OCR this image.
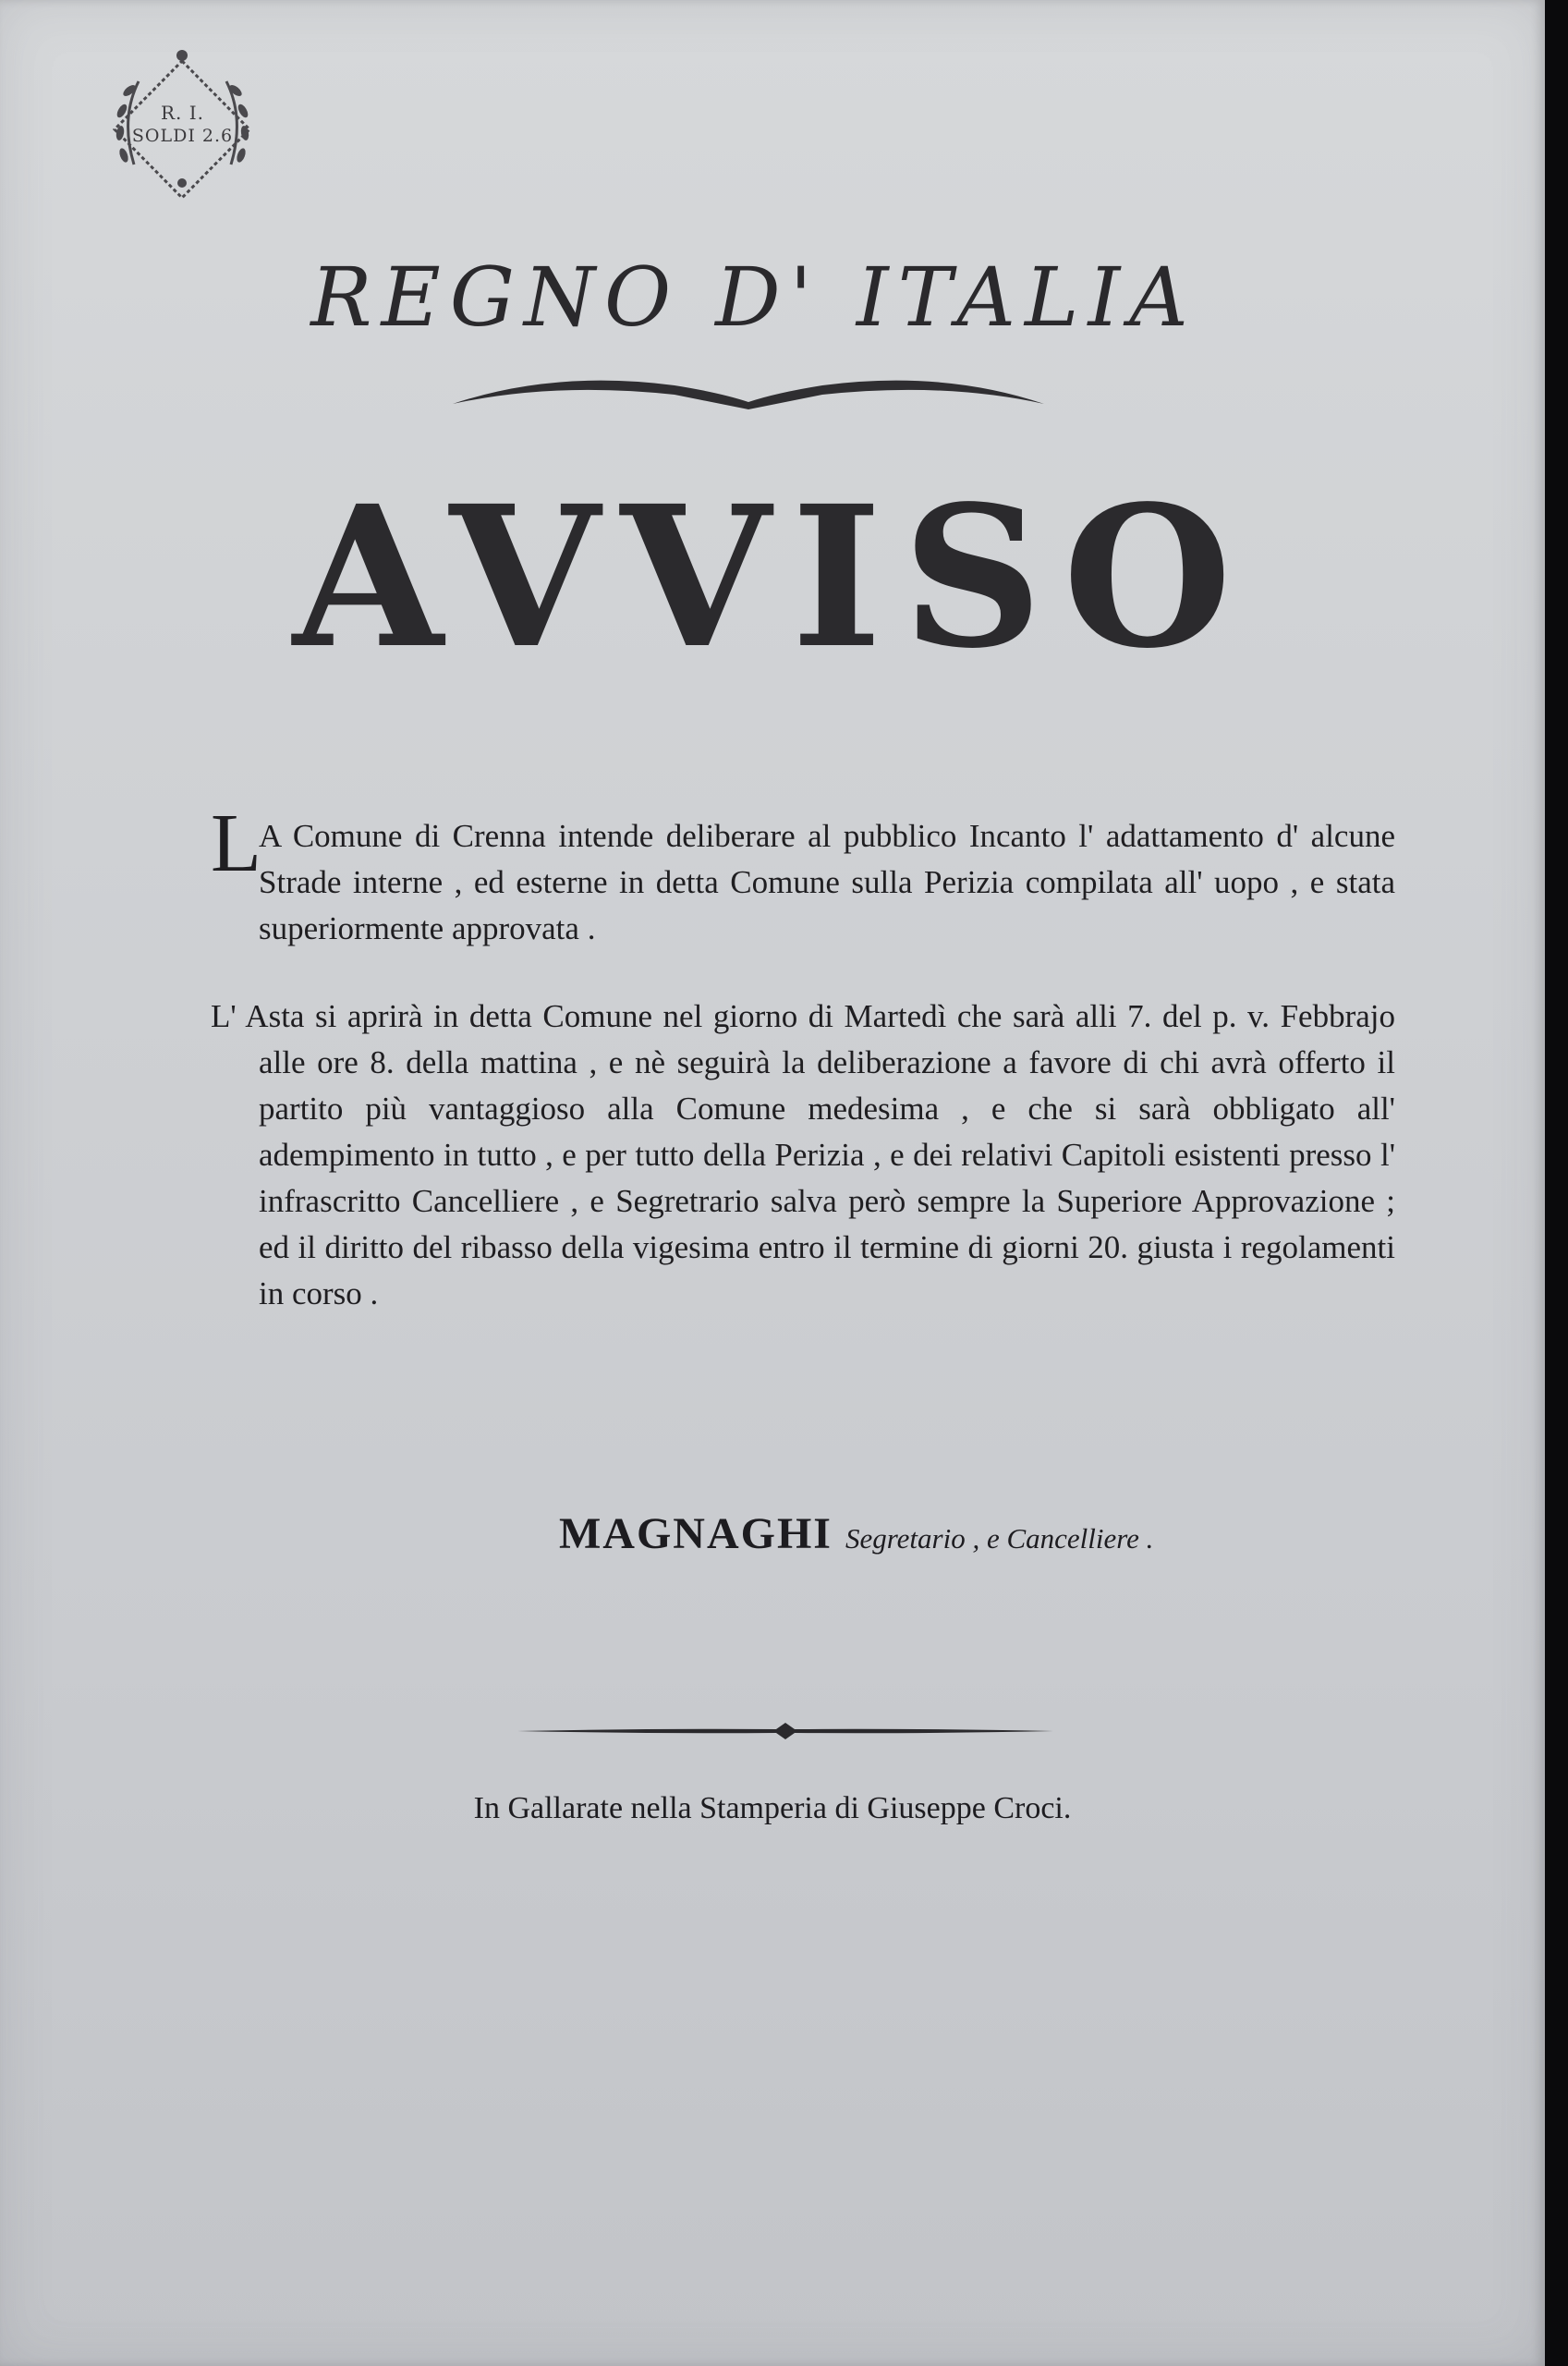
R. I.
SOLDI 2.6
REGNO D' ITALIA
AVVISO
L
A Comune di Crenna intende deliberare al pubblico Incanto l' adattamento d' alcune Strade interne , ed esterne in detta Comune sulla Perizia compilata all' uopo , e stata superiormente approvata .
L' Asta si aprirà in detta Comune nel giorno di Martedì che sarà alli 7. del p. v. Febbrajo alle ore 8. della mattina , e nè seguirà la deliberazione a favore di chi avrà offerto il partito più vantaggioso alla Comune medesima , e che si sarà obbligato all' adempimento in tutto , e per tutto della Perizia , e dei relativi Capitoli esistenti presso l' infrascritto Cancelliere , e Segretrario salva però sempre la Superiore Approvazione ; ed il diritto del ribasso della vigesima entro il termine di giorni 20. giusta i regolamenti in corso .
MAGNAGHI Segretario , e Cancelliere .
In Gallarate nella Stamperia di Giuseppe Croci.
